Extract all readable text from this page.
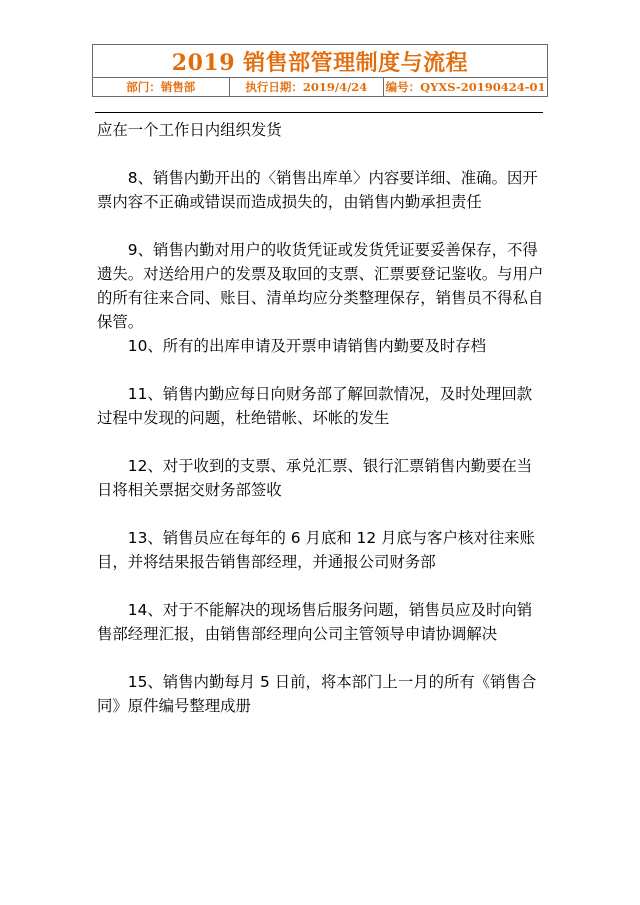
2019 销售部管理制度与流程
部门：销售部	执行日期：2019/4/24	编号：QYXS-20190424-01

应在一个工作日内组织发货

8、销售内勤开出的〈销售出库单〉内容要详细、准确。因开票内容不正确或错误而造成损失的，由销售内勤承担责任

9、销售内勤对用户的收货凭证或发货凭证要妥善保存，不得遗失。对送给用户的发票及取回的支票、汇票要登记鉴收。与用户的所有往来合同、账目、清单均应分类整理保存，销售员不得私自保管。

10、所有的出库申请及开票申请销售内勤要及时存档

11、销售内勤应每日向财务部了解回款情况，及时处理回款过程中发现的问题，杜绝错帐、坏帐的发生

12、对于收到的支票、承兑汇票、银行汇票销售内勤要在当日将相关票据交财务部签收

13、销售员应在每年的 6 月底和 12 月底与客户核对往来账目，并将结果报告销售部经理，并通报公司财务部

14、对于不能解决的现场售后服务问题，销售员应及时向销售部经理汇报，由销售部经理向公司主管领导申请协调解决

15、销售内勤每月 5 日前，将本部门上一月的所有《销售合同》原件编号整理成册
